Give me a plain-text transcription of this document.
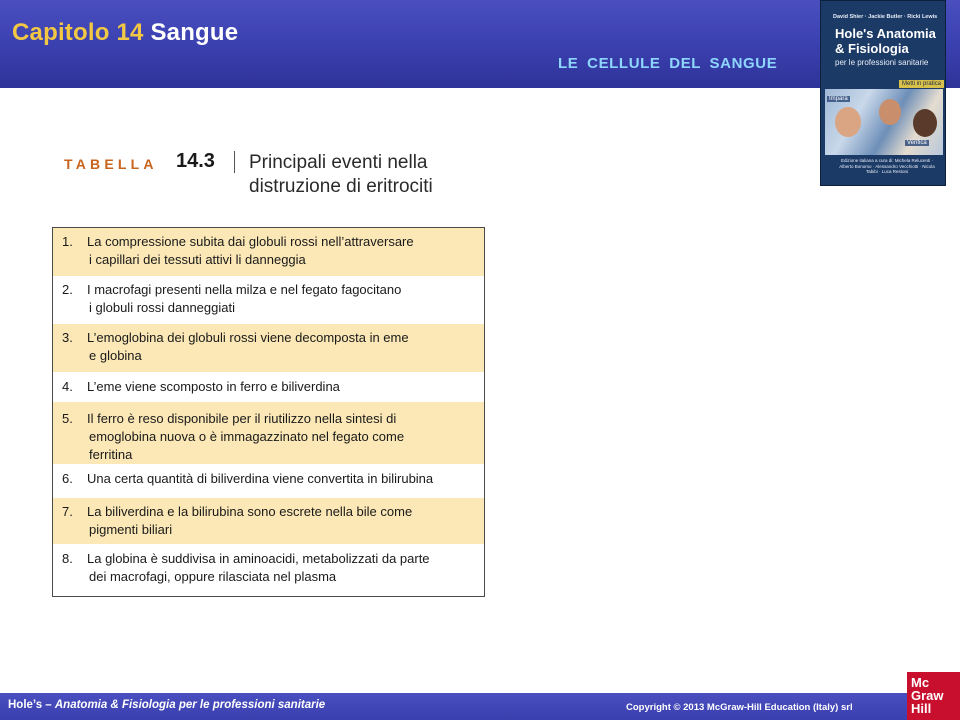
Capitolo 14 Sangue
LE CELLULE DEL SANGUE
David Shier · Jackie Butler · Ricki Lewis
Hole's Anatomia
& Fisiologia
per le professioni sanitarie
Metti in pratica
Impara
Verifica
Edizione italiana a cura di: Michela Relucenti · Alberto Bonomo · Alessandro Vecchiotti · Nicola Tabibi · Luca Restoni
TABELLA 14.3 Principali eventi nella distruzione di eritrociti
1. La compressione subita dai globuli rossi nell’attraversare
i capillari dei tessuti attivi li danneggia
2. I macrofagi presenti nella milza e nel fegato fagocitano
i globuli rossi danneggiati
3. L’emoglobina dei globuli rossi viene decomposta in eme
e globina
4. L’eme viene scomposto in ferro e biliverdina
5. Il ferro è reso disponibile per il riutilizzo nella sintesi di
emoglobina nuova o è immagazzinato nel fegato come
ferritina
6. Una certa quantità di biliverdina viene convertita in bilirubina
7. La biliverdina e la bilirubina sono escrete nella bile come
pigmenti biliari
8. La globina è suddivisa in aminoacidi, metabolizzati da parte
dei macrofagi, oppure rilasciata nel plasma
Hole’s – Anatomia & Fisiologia per le professioni sanitarie	Copyright © 2013 McGraw-Hill Education (Italy) srl
Mc
Graw
Hill
